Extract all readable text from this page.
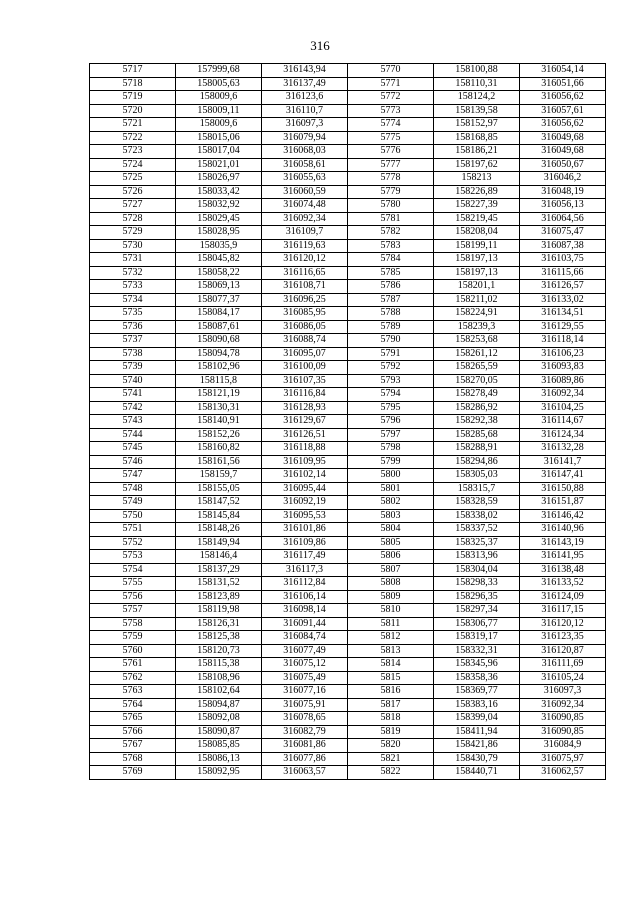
316
5717	157999,68	316143,94	5770	158100,88	316054,14
5718	158005,63	316137,49	5771	158110,31	316051,66
5719	158009,6	316123,6	5772	158124,2	316056,62
5720	158009,11	316110,7	5773	158139,58	316057,61
5721	158009,6	316097,3	5774	158152,97	316056,62
5722	158015,06	316079,94	5775	158168,85	316049,68
5723	158017,04	316068,03	5776	158186,21	316049,68
5724	158021,01	316058,61	5777	158197,62	316050,67
5725	158026,97	316055,63	5778	158213	316046,2
5726	158033,42	316060,59	5779	158226,89	316048,19
5727	158032,92	316074,48	5780	158227,39	316056,13
5728	158029,45	316092,34	5781	158219,45	316064,56
5729	158028,95	316109,7	5782	158208,04	316075,47
5730	158035,9	316119,63	5783	158199,11	316087,38
5731	158045,82	316120,12	5784	158197,13	316103,75
5732	158058,22	316116,65	5785	158197,13	316115,66
5733	158069,13	316108,71	5786	158201,1	316126,57
5734	158077,37	316096,25	5787	158211,02	316133,02
5735	158084,17	316085,95	5788	158224,91	316134,51
5736	158087,61	316086,05	5789	158239,3	316129,55
5737	158090,68	316088,74	5790	158253,68	316118,14
5738	158094,78	316095,07	5791	158261,12	316106,23
5739	158102,96	316100,09	5792	158265,59	316093,83
5740	158115,8	316107,35	5793	158270,05	316089,86
5741	158121,19	316116,84	5794	158278,49	316092,34
5742	158130,31	316128,93	5795	158286,92	316104,25
5743	158140,91	316129,67	5796	158292,38	316114,67
5744	158152,26	316126,51	5797	158285,68	316124,34
5745	158160,82	316118,88	5798	158288,91	316132,28
5746	158161,56	316109,95	5799	158294,86	316141,7
5747	158159,7	316102,14	5800	158305,03	316147,41
5748	158155,05	316095,44	5801	158315,7	316150,88
5749	158147,52	316092,19	5802	158328,59	316151,87
5750	158145,84	316095,53	5803	158338,02	316146,42
5751	158148,26	316101,86	5804	158337,52	316140,96
5752	158149,94	316109,86	5805	158325,37	316143,19
5753	158146,4	316117,49	5806	158313,96	316141,95
5754	158137,29	316117,3	5807	158304,04	316138,48
5755	158131,52	316112,84	5808	158298,33	316133,52
5756	158123,89	316106,14	5809	158296,35	316124,09
5757	158119,98	316098,14	5810	158297,34	316117,15
5758	158126,31	316091,44	5811	158306,77	316120,12
5759	158125,38	316084,74	5812	158319,17	316123,35
5760	158120,73	316077,49	5813	158332,31	316120,87
5761	158115,38	316075,12	5814	158345,96	316111,69
5762	158108,96	316075,49	5815	158358,36	316105,24
5763	158102,64	316077,16	5816	158369,77	316097,3
5764	158094,87	316075,91	5817	158383,16	316092,34
5765	158092,08	316078,65	5818	158399,04	316090,85
5766	158090,87	316082,79	5819	158411,94	316090,85
5767	158085,85	316081,86	5820	158421,86	316084,9
5768	158086,13	316077,86	5821	158430,79	316075,97
5769	158092,95	316063,57	5822	158440,71	316062,57
